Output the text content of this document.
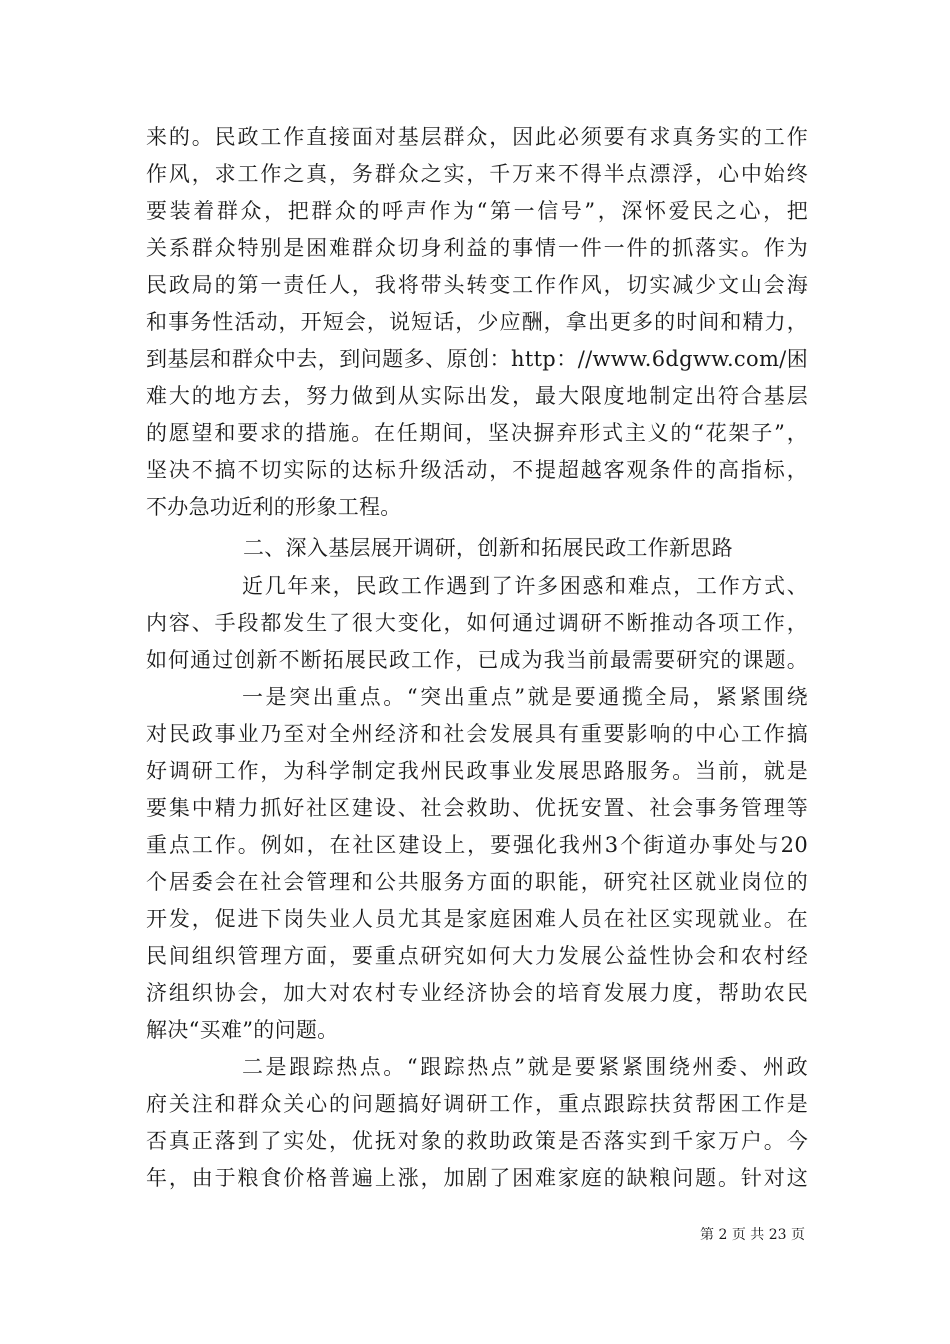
来的。民政工作直接面对基层群众，因此必须要有求真务实的工作
作风，求工作之真，务群众之实，千万来不得半点漂浮，心中始终
要装着群众，把群众的呼声作为“第一信号”，深怀爱民之心，把
关系群众特别是困难群众切身利益的事情一件一件的抓落实。作为
民政局的第一责任人，我将带头转变工作作风，切实减少文山会海
和事务性活动，开短会，说短话，少应酬，拿出更多的时间和精力，
到基层和群众中去，到问题多、原创：http：//www.6dgww.com/困
难大的地方去，努力做到从实际出发，最大限度地制定出符合基层
的愿望和要求的措施。在任期间，坚决摒弃形式主义的“花架子”，
坚决不搞不切实际的达标升级活动，不提超越客观条件的高指标，
不办急功近利的形象工程。
二、深入基层展开调研，创新和拓展民政工作新思路
近几年来，民政工作遇到了许多困惑和难点，工作方式、
内容、手段都发生了很大变化，如何通过调研不断推动各项工作，
如何通过创新不断拓展民政工作，已成为我当前最需要研究的课题。
一是突出重点。“突出重点”就是要通揽全局，紧紧围绕
对民政事业乃至对全州经济和社会发展具有重要影响的中心工作搞
好调研工作，为科学制定我州民政事业发展思路服务。当前，就是
要集中精力抓好社区建设、社会救助、优抚安置、社会事务管理等
重点工作。例如，在社区建设上，要强化我州3个街道办事处与20
个居委会在社会管理和公共服务方面的职能，研究社区就业岗位的
开发，促进下岗失业人员尤其是家庭困难人员在社区实现就业。在
民间组织管理方面，要重点研究如何大力发展公益性协会和农村经
济组织协会，加大对农村专业经济协会的培育发展力度，帮助农民
解决“买难”的问题。
二是跟踪热点。“跟踪热点”就是要紧紧围绕州委、州政
府关注和群众关心的问题搞好调研工作，重点跟踪扶贫帮困工作是
否真正落到了实处，优抚对象的救助政策是否落实到千家万户。今
年，由于粮食价格普遍上涨，加剧了困难家庭的缺粮问题。针对这
第 2 页 共 23 页
